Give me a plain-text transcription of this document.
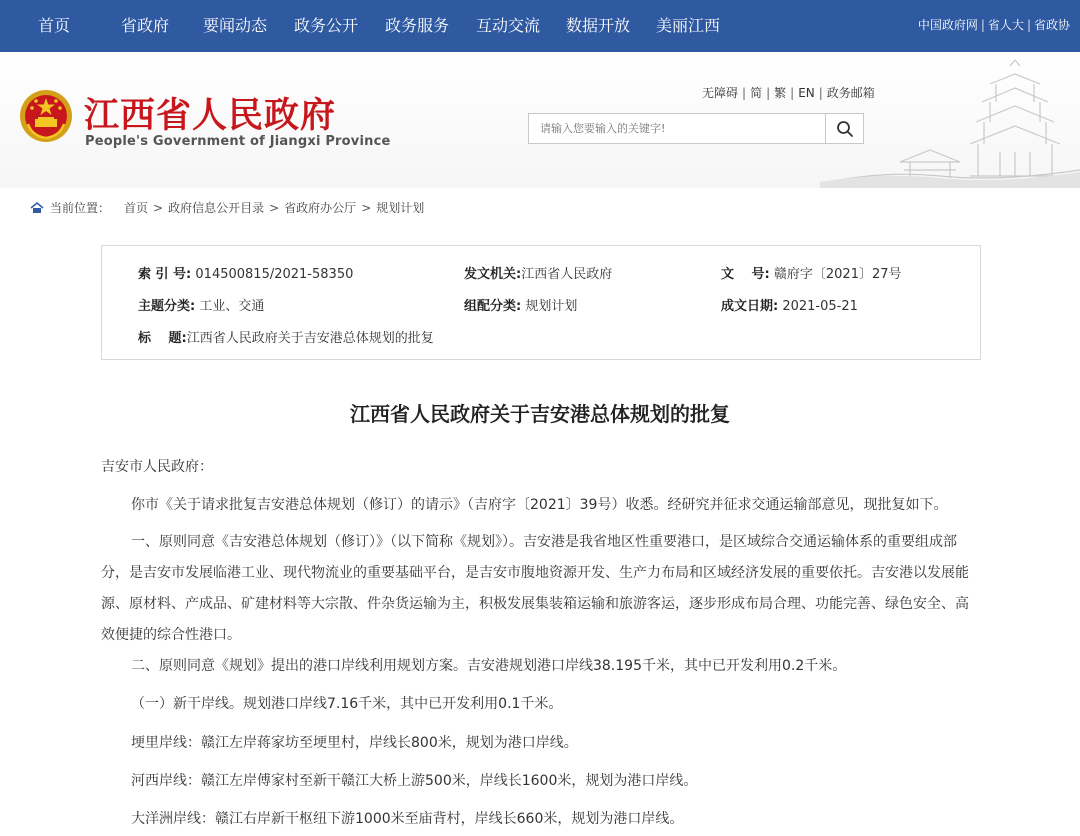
首页	省政府 要闻动态 政务公开 政务服务 互动交流 数据开放 美丽江西	中国政府网 | 省人大 | 省政协
江西省人民政府
People's Government of Jiangxi Province
无障碍 | 简 | 繁 | EN | 政务邮箱
请输入您要输入的关键字!
当前位置： 首页 > 政府信息公开目录 > 省政府办公厅 > 规划计划
索 引 号: 014500815/2021-58350	发文机关:江西省人民政府	文　 号: 赣府字〔2021〕27号
主题分类: 工业、交通	组配分类: 规划计划	成文日期: 2021-05-21
标　 题:江西省人民政府关于吉安港总体规划的批复
江西省人民政府关于吉安港总体规划的批复
吉安市人民政府：
你市《关于请求批复吉安港总体规划（修订）的请示》（吉府字〔2021〕39号）收悉。经研究并征求交通运输部意见，现批复如下。
一、原则同意《吉安港总体规划（修订）》（以下简称《规划》）。吉安港是我省地区性重要港口，是区域综合交通运输体系的重要组成部分，是吉安市发展临港工业、现代物流业的重要基础平台，是吉安市腹地资源开发、生产力布局和区域经济发展的重要依托。吉安港以发展能源、原材料、产成品、矿建材料等大宗散、件杂货运输为主，积极发展集装箱运输和旅游客运，逐步形成布局合理、功能完善、绿色安全、高效便捷的综合性港口。
二、原则同意《规划》提出的港口岸线利用规划方案。吉安港规划港口岸线38.195千米，其中已开发利用0.2千米。
（一）新干岸线。规划港口岸线7.16千米，其中已开发利用0.1千米。
埂里岸线：赣江左岸蒋家坊至埂里村，岸线长800米，规划为港口岸线。
河西岸线：赣江左岸傅家村至新干赣江大桥上游500米，岸线长1600米，规划为港口岸线。
大洋洲岸线：赣江右岸新干枢纽下游1000米至庙背村，岸线长660米，规划为港口岸线。
